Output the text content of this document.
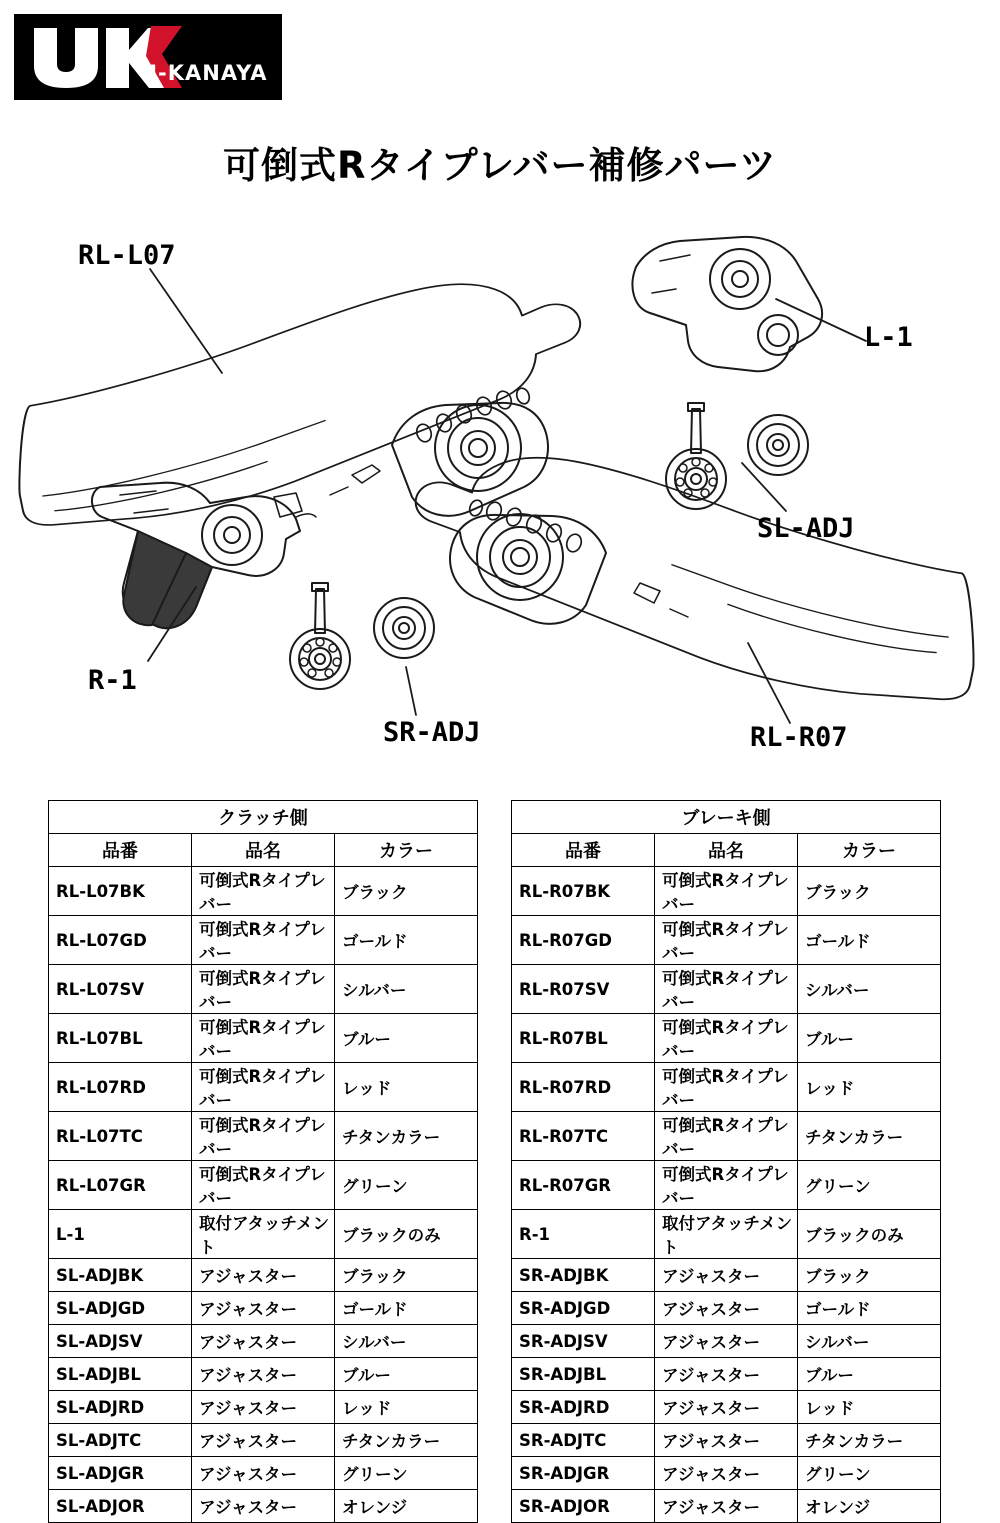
U-KANAYA
可倒式Rタイプレバー補修パーツ
RL-L07
L-1
SL-ADJ
R-1
SR-ADJ	RL-R07
クラッチ側		
品番	品名	カラー
RL-L07BK	可倒式Rタイプレバー	ブラック
RL-L07GD	可倒式Rタイプレバー	ゴールド
RL-L07SV	可倒式Rタイプレバー	シルバー
RL-L07BL	可倒式Rタイプレバー	ブルー
RL-L07RD	可倒式Rタイプレバー	レッド
RL-L07TC	可倒式Rタイプレバー	チタンカラー
RL-L07GR	可倒式Rタイプレバー	グリーン
L-1	取付アタッチメント	ブラックのみ
SL-ADJBK	アジャスター	ブラック
SL-ADJGD	アジャスター	ゴールド
SL-ADJSV	アジャスター	シルバー
SL-ADJBL	アジャスター	ブルー
SL-ADJRD	アジャスター	レッド
SL-ADJTC	アジャスター	チタンカラー
SL-ADJGR	アジャスター	グリーン
SL-ADJOR	アジャスター	オレンジ
ブレーキ側		
品番	品名	カラー
RL-R07BK	可倒式Rタイプレバー	ブラック
RL-R07GD	可倒式Rタイプレバー	ゴールド
RL-R07SV	可倒式Rタイプレバー	シルバー
RL-R07BL	可倒式Rタイプレバー	ブルー
RL-R07RD	可倒式Rタイプレバー	レッド
RL-R07TC	可倒式Rタイプレバー	チタンカラー
RL-R07GR	可倒式Rタイプレバー	グリーン
R-1	取付アタッチメント	ブラックのみ
SR-ADJBK	アジャスター	ブラック
SR-ADJGD	アジャスター	ゴールド
SR-ADJSV	アジャスター	シルバー
SR-ADJBL	アジャスター	ブルー
SR-ADJRD	アジャスター	レッド
SR-ADJTC	アジャスター	チタンカラー
SR-ADJGR	アジャスター	グリーン
SR-ADJOR	アジャスター	オレンジ
